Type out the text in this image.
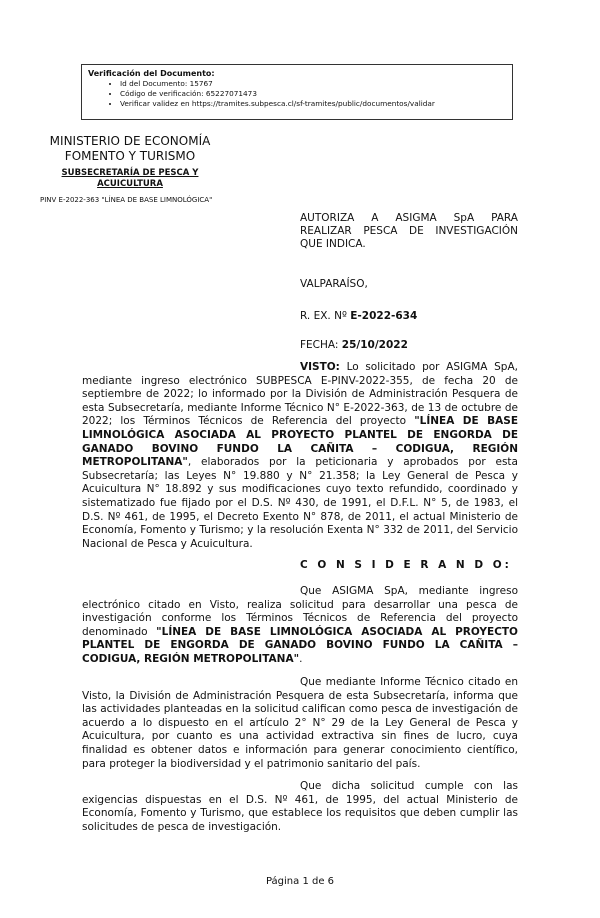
Verificación del Documento:
• Id del Documento: 15767
• Código de verificación: 65227071473
• Verificar validez en https://tramites.subpesca.cl/sf-tramites/public/documentos/validar
MINISTERIO DE ECONOMÍA
FOMENTO Y TURISMO
SUBSECRETARÍA DE PESCA Y ACUICULTURA
PINV E-2022-363 "LÍNEA DE BASE LIMNOLÓGICA"
AUTORIZA A ASIGMA SpA PARA REALIZAR PESCA DE INVESTIGACIÓN QUE INDICA.
VALPARAÍSO,
R. EX. Nº E-2022-634
FECHA: 25/10/2022

VISTO: Lo solicitado por ASIGMA SpA, mediante ingreso electrónico SUBPESCA E-PINV-2022-355, de fecha 20 de septiembre de 2022; lo informado por la División de Administración Pesquera de esta Subsecretaría, mediante Informe Técnico N° E-2022-363, de 13 de octubre de 2022; los Términos Técnicos de Referencia del proyecto "LÍNEA DE BASE LIMNOLÓGICA ASOCIADA AL PROYECTO PLANTEL DE ENGORDA DE GANADO BOVINO FUNDO LA CAÑITA – CODIGUA, REGIÓN METROPOLITANA", elaborados por la peticionaria y aprobados por esta Subsecretaría; las Leyes N° 19.880 y N° 21.358; la Ley General de Pesca y Acuicultura N° 18.892 y sus modificaciones cuyo texto refundido, coordinado y sistematizado fue fijado por el D.S. Nº 430, de 1991, el D.F.L. N° 5, de 1983, el D.S. Nº 461, de 1995, el Decreto Exento N° 878, de 2011, el actual Ministerio de Economía, Fomento y Turismo; y la resolución Exenta N° 332 de 2011, del Servicio Nacional de Pesca y Acuicultura.

C O N S I D E R A N D O:

Que ASIGMA SpA, mediante ingreso electrónico citado en Visto, realiza solicitud para desarrollar una pesca de investigación conforme los Términos Técnicos de Referencia del proyecto denominado "LÍNEA DE BASE LIMNOLÓGICA ASOCIADA AL PROYECTO PLANTEL DE ENGORDA DE GANADO BOVINO FUNDO LA CAÑITA – CODIGUA, REGIÓN METROPOLITANA".

Que mediante Informe Técnico citado en Visto, la División de Administración Pesquera de esta Subsecretaría, informa que las actividades planteadas en la solicitud califican como pesca de investigación de acuerdo a lo dispuesto en el artículo 2° N° 29 de la Ley General de Pesca y Acuicultura, por cuanto es una actividad extractiva sin fines de lucro, cuya finalidad es obtener datos e información para generar conocimiento científico, para proteger la biodiversidad y el patrimonio sanitario del país.

Que dicha solicitud cumple con las exigencias dispuestas en el D.S. Nº 461, de 1995, del actual Ministerio de Economía, Fomento y Turismo, que establece los requisitos que deben cumplir las solicitudes de pesca de investigación.

Página 1 de 6
